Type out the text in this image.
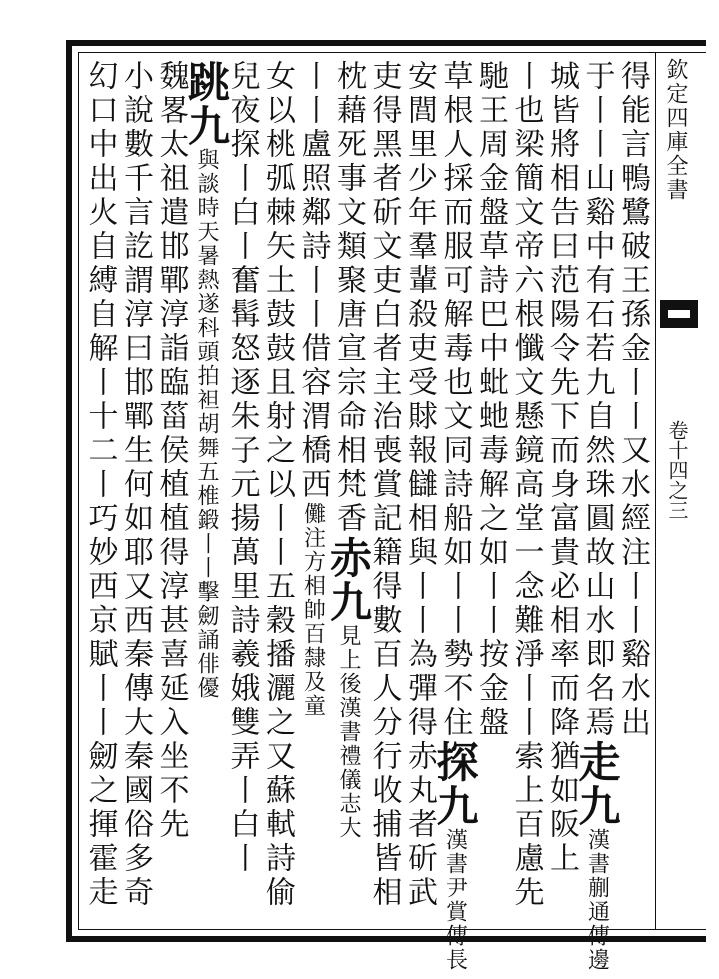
欽定四庫全書
卷十四之三
得能言鴨鷺破王孫金丨丨又水經注丨丨谿水出
于丨丨山谿中有石若九自然珠圓故山水即名焉走九漢書蒯通傳邊
城皆將相告曰范陽令先下而身富貴必相率而降猶如阪上
丨也梁簡文帝六根懺文懸鏡高堂一念難淨丨丨索上百慮先
馳王周金盤草詩巴中蚍虵毒解之如丨丨按金盤
草根人採而服可解毒也文同詩船如丨丨勢不住探九漢書尹賞傳長
安閭里少年羣輩殺吏受賕報讎相與丨丨為彈得赤丸者斫武
吏得黑者斫文吏白者主治喪賞記籍得數百人分行收捕皆相
枕藉死事文類聚唐宣宗命相梵香赤九見上後漢書禮儀志大
丨丨盧照鄰詩丨丨借容渭橋西儺注方相帥百隸及童
女以桃弧棘矢土鼓鼓且射之以丨丨五穀播灑之又蘇軾詩偷
兒夜探丨白丨奮髯怒逐朱子元揚萬里詩羲娥雙弄丨白丨
跳九與談時天暑熱遂科頭拍袒胡舞五椎鍛丨丨擊劒誦俳優
魏畧太祖遣邯鄲淳詣臨菑侯植植得淳甚喜延入坐不先
小說數千言訖謂淳曰邯鄲生何如耶又西秦傳大秦國俗多奇
幻口中出火自縛自解丨十二丨巧妙西京賦丨丨劒之揮霍走
